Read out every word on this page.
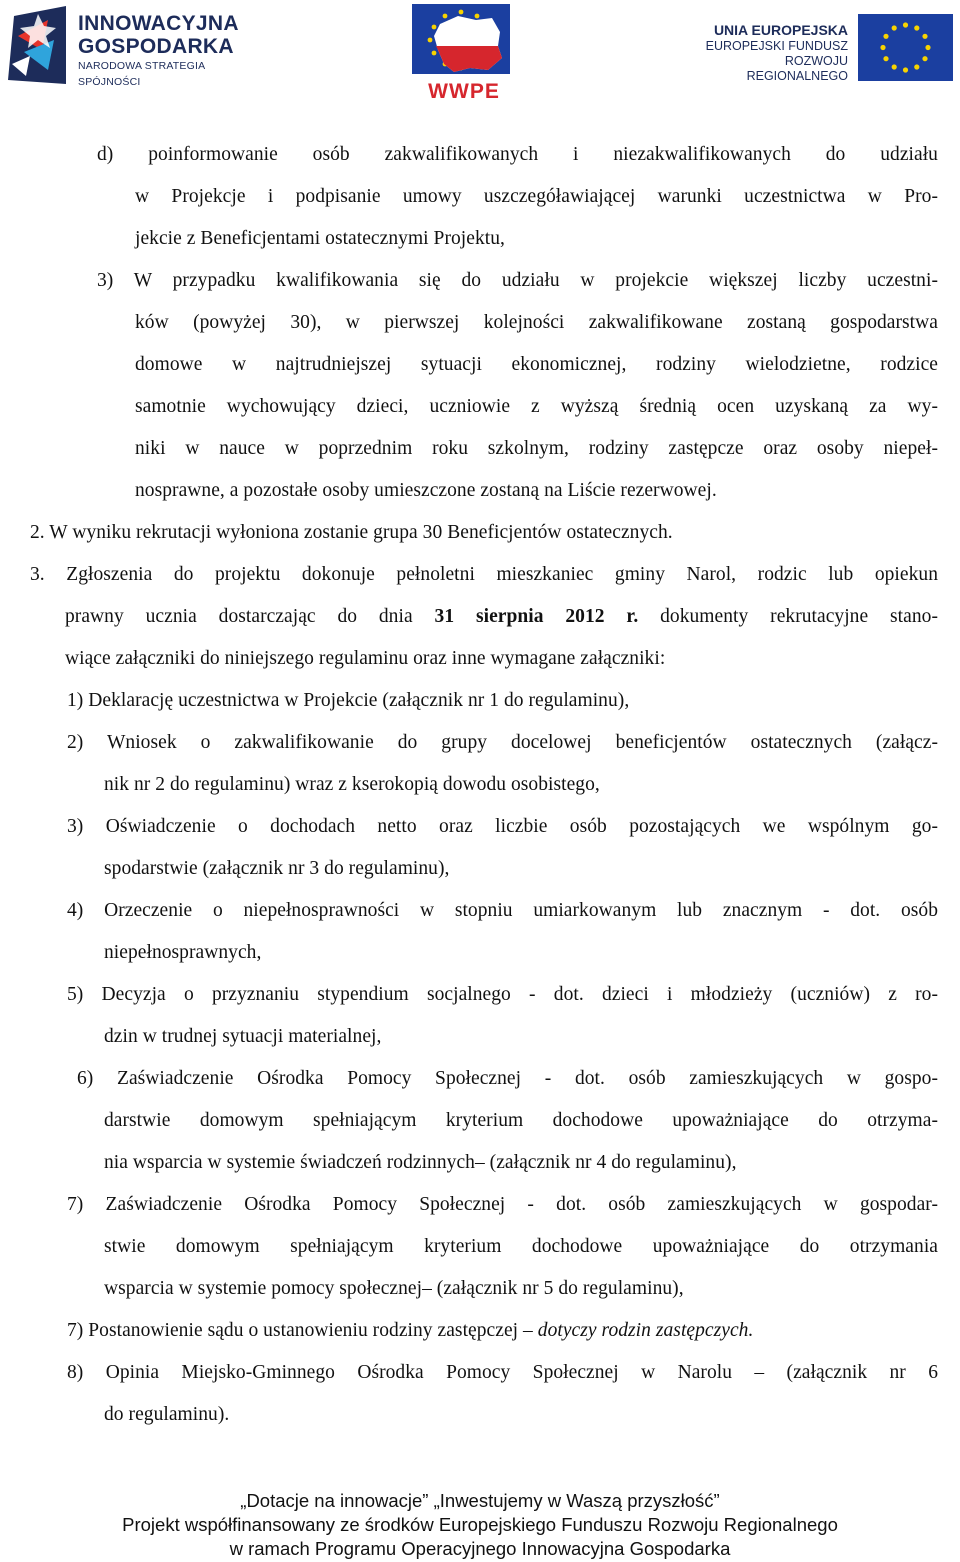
INNOWACYJNA
GOSPODARKA
NARODOWA STRATEGIA SPÓJNOŚCI	WWPE
UNIA EUROPEJSKA
EUROPEJSKI FUNDUSZ
ROZWOJU REGIONALNEGO
d) poinformowanie osób zakwalifikowanych i niezakwalifikowanych do udziału
w Projekcje i podpisanie umowy uszczegóławiającej warunki uczestnictwa w Pro-
jekcie z Beneficjentami ostatecznymi Projektu,
3) W przypadku kwalifikowania się do udziału w projekcie większej liczby uczestni-
ków (powyżej 30), w pierwszej kolejności zakwalifikowane zostaną gospodarstwa
domowe w najtrudniejszej sytuacji ekonomicznej, rodziny wielodzietne, rodzice
samotnie wychowujący dzieci, uczniowie z wyższą średnią ocen uzyskaną za wy-
niki w nauce w poprzednim roku szkolnym, rodziny zastępcze oraz osoby niepeł-
nosprawne, a pozostałe osoby umieszczone zostaną na Liście rezerwowej.
2. W wyniku rekrutacji wyłoniona zostanie grupa 30 Beneficjentów ostatecznych.
3. Zgłoszenia do projektu dokonuje pełnoletni mieszkaniec gminy Narol, rodzic lub opiekun
prawny ucznia dostarczając do dnia 31 sierpnia 2012 r. dokumenty rekrutacyjne stano-
wiące załączniki do niniejszego regulaminu oraz inne wymagane załączniki:
1) Deklarację uczestnictwa w Projekcie (załącznik nr 1 do regulaminu),
2) Wniosek o zakwalifikowanie do grupy docelowej beneficjentów ostatecznych (załącz-
nik nr 2 do regulaminu) wraz z kserokopią dowodu osobistego,
3) Oświadczenie o dochodach netto oraz liczbie osób pozostających we wspólnym go-
spodarstwie (załącznik nr 3 do regulaminu),
4) Orzeczenie o niepełnosprawności w stopniu umiarkowanym lub znacznym - dot. osób
niepełnosprawnych,
5) Decyzja o przyznaniu stypendium socjalnego - dot. dzieci i młodzieży (uczniów) z ro-
dzin w trudnej sytuacji materialnej,
6) Zaświadczenie Ośrodka Pomocy Społecznej - dot. osób zamieszkujących w gospo-
darstwie domowym spełniającym kryterium dochodowe upoważniające do otrzyma-
nia wsparcia w systemie świadczeń rodzinnych– (załącznik nr 4 do regulaminu),
7) Zaświadczenie Ośrodka Pomocy Społecznej - dot. osób zamieszkujących w gospodar-
stwie domowym spełniającym kryterium dochodowe upoważniające do otrzymania
wsparcia w systemie pomocy społecznej– (załącznik nr 5 do regulaminu),
7) Postanowienie sądu o ustanowieniu rodziny zastępczej – dotyczy rodzin zastępczych.
8) Opinia Miejsko-Gminnego Ośrodka Pomocy Społecznej w Narolu – (załącznik nr 6
do regulaminu).
„Dotacje na innowacje” „Inwestujemy w Waszą przyszłość”
Projekt współfinansowany ze środków Europejskiego Funduszu Rozwoju Regionalnego
w ramach Programu Operacyjnego Innowacyjna Gospodarka
